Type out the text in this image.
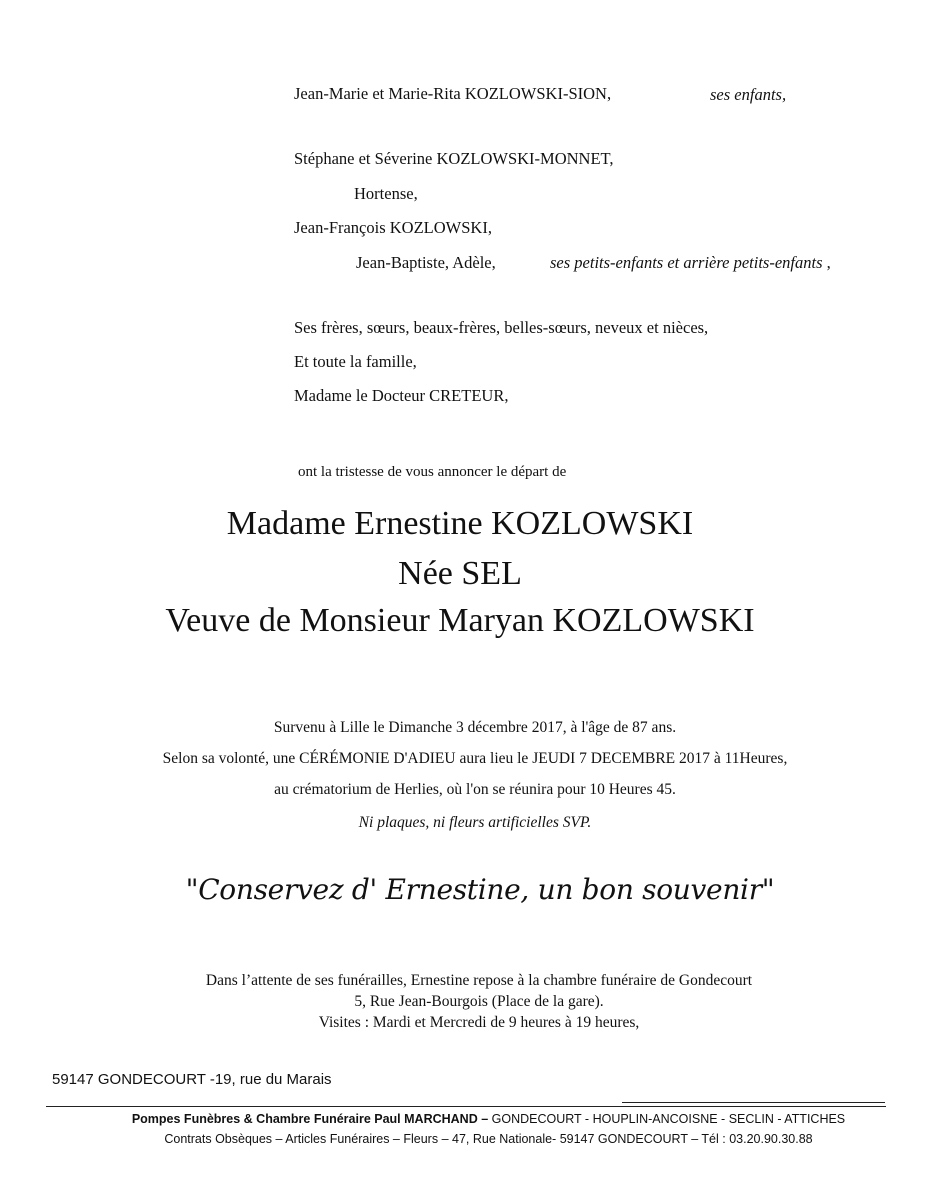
Jean-Marie et Marie-Rita KOZLOWSKI-SION,	ses enfants,
Stéphane et Séverine KOZLOWSKI-MONNET,
Hortense,
Jean-François KOZLOWSKI,
Jean-Baptiste, Adèle,	ses petits-enfants et arrière petits-enfants ,
Ses frères, sœurs, beaux-frères, belles-sœurs, neveux et nièces,
Et toute la famille,
Madame le Docteur CRETEUR,
ont la tristesse de vous annoncer le départ de
Madame Ernestine KOZLOWSKI
Née SEL
Veuve de Monsieur Maryan KOZLOWSKI
Survenu à Lille le Dimanche 3 décembre 2017, à l'âge de 87 ans.
Selon sa volonté, une CÉRÉMONIE D'ADIEU aura lieu le JEUDI 7 DECEMBRE 2017 à 11Heures,
au crématorium de Herlies, où l'on se réunira pour 10 Heures 45.
Ni plaques, ni fleurs artificielles SVP.
"Conservez d' Ernestine, un bon souvenir"
Dans l’attente de ses funérailles, Ernestine repose à la chambre funéraire de Gondecourt
5, Rue Jean-Bourgois (Place de la gare).
Visites : Mardi et Mercredi de 9 heures à 19 heures,
59147 GONDECOURT -19, rue du Marais
Pompes Funèbres & Chambre Funéraire Paul MARCHAND – GONDECOURT - HOUPLIN-ANCOISNE - SECLIN - ATTICHES
Contrats Obsèques – Articles Funéraires – Fleurs – 47, Rue Nationale- 59147 GONDECOURT – Tél : 03.20.90.30.88
